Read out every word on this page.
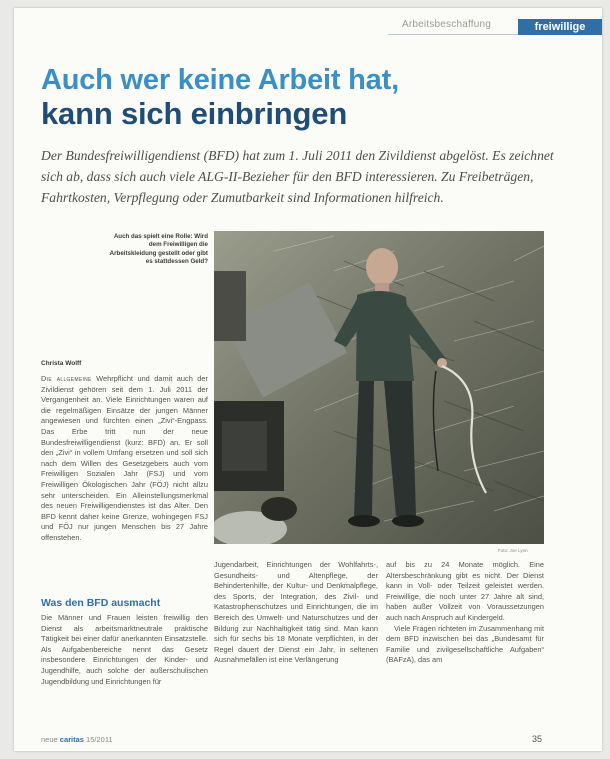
Arbeitsbeschaffung	freiwillige
Auch wer keine Arbeit hat,
kann sich einbringen
Der Bundesfreiwilligendienst (BFD) hat zum 1. Juli 2011 den Zivildienst abgelöst. Es zeichnet sich ab, dass sich auch viele ALG-II-Bezieher für den BFD interessieren. Zu Freibeträgen, Fahrtkosten, Verpflegung oder Zumutbarkeit sind Informationen hilfreich.
Auch das spielt eine Rolle: Wird dem Freiwilligen die Arbeitskleidung gestellt oder gibt es stattdessen Geld?
Foto: Joe Lynn
Christa Wolff

Die allgemeine Wehrpflicht und damit auch der Zivildienst gehören seit dem 1. Juli 2011 der Vergangenheit an. Viele Einrichtungen waren auf die regelmäßigen Einsätze der jungen Männer angewiesen und fürchten einen „Zivi“-Engpass. Das Erbe tritt nun der neue Bundesfreiwilligendienst (kurz: BFD) an. Er soll den „Zivi“ in vollem Umfang ersetzen und soll sich nach dem Willen des Gesetzgebers auch vom Freiwilligen Sozialen Jahr (FSJ) und vom Freiwilligen Ökologischen Jahr (FÖJ) nicht allzu sehr unterscheiden. Ein Alleinstellungsmerkmal des neuen Freiwilligendienstes ist das Alter. Den BFD kennt daher keine Grenze, wohingegen FSJ und FÖJ nur jungen Menschen bis 27 Jahre offenstehen.

Was den BFD ausmacht
Die Männer und Frauen leisten freiwillig den Dienst als arbeitsmarktneutrale praktische Tätigkeit bei einer dafür anerkannten Einsatzstelle. Als Aufgabenbereiche nennt das Gesetz insbesondere Einrichtungen der Kinder- und Jugendhilfe, auch solche der außerschulischen Jugendbildung und Einrichtungen für
Jugendarbeit, Einrichtungen der Wohlfahrts-, Gesundheits- und Altenpflege, der Behindertenhilfe, der Kultur- und Denkmalpflege, des Sports, der Integration, des Zivil- und Katastrophenschutzes und Einrichtungen, die im Bereich des Umwelt- und Naturschutzes und der Bildung zur Nachhaltigkeit tätig sind. Man kann sich für sechs bis 18 Monate verpflichten, in der Regel dauert der Dienst ein Jahr, in seltenen Ausnahmefällen ist eine Verlängerung

auf bis zu 24 Monate möglich. Eine Altersbeschränkung gibt es nicht. Der Dienst kann in Voll- oder Teilzeit geleistet werden. Freiwillige, die noch unter 27 Jahre alt sind, haben außer Vollzeit von Voraussetzungen auch nach Anspruch auf Kindergeld.

Viele Fragen richteten im Zusammenhang mit dem BFD inzwischen bei das „Bundesamt für Familie und zivilgesellschaftliche Aufgaben“ (BAFzA), das am

neue caritas 15/2011	35
